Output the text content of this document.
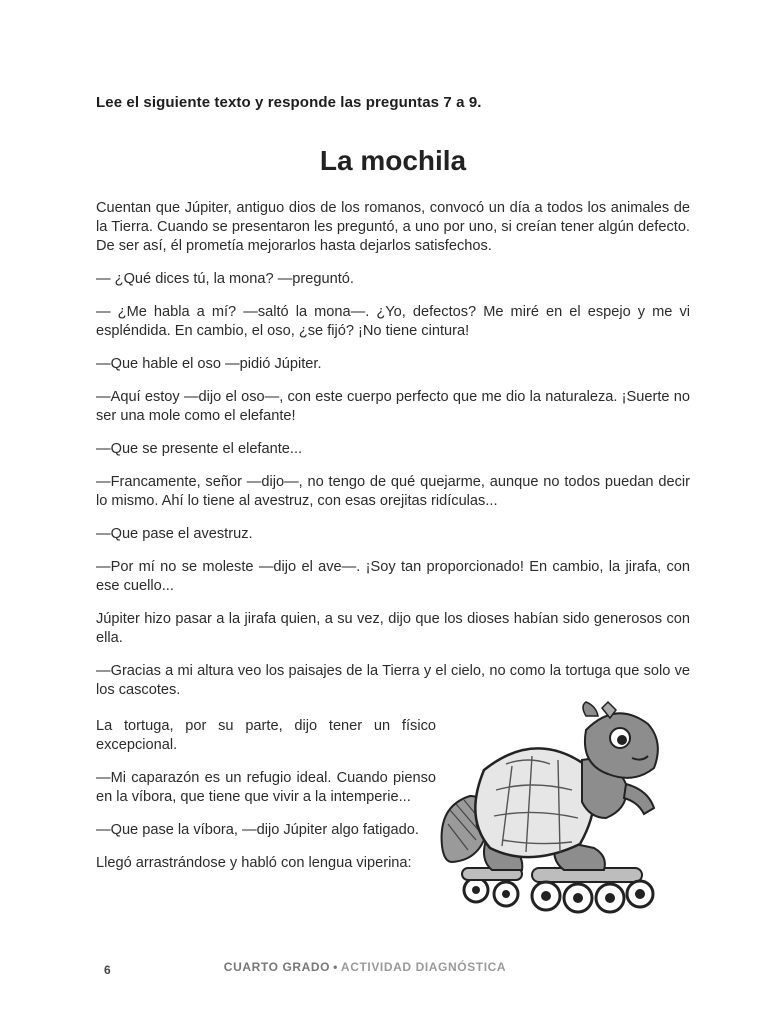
Lee el siguiente texto y responde las preguntas 7 a 9.
La mochila

Cuentan que Júpiter, antiguo dios de los romanos, convocó un día a todos los animales de la Tierra. Cuando se presentaron les preguntó, a uno por uno, si creían tener algún defecto. De ser así, él prometía mejorarlos hasta dejarlos satisfechos.

— ¿Qué dices tú, la mona? —preguntó.

— ¿Me habla a mí? —saltó la mona—. ¿Yo, defectos? Me miré en el espejo y me vi espléndida. En cambio, el oso, ¿se fijó? ¡No tiene cintura!

—Que hable el oso —pidió Júpiter.

—Aquí estoy —dijo el oso—, con este cuerpo perfecto que me dio la naturaleza. ¡Suerte no ser una mole como el elefante!

—Que se presente el elefante...

—Francamente, señor —dijo—, no tengo de qué quejarme, aunque no todos puedan decir lo mismo. Ahí lo tiene al avestruz, con esas orejitas ridículas...

—Que pase el avestruz.

—Por mí no se moleste —dijo el ave—. ¡Soy tan proporcionado! En cambio, la jirafa, con ese cuello...

Júpiter hizo pasar a la jirafa quien, a su vez, dijo que los dioses habían sido generosos con ella.

—Gracias a mi altura veo los paisajes de la Tierra y el cielo, no como la tortuga que solo ve los cascotes.

La tortuga, por su parte, dijo tener un físico excepcional.

—Mi caparazón es un refugio ideal. Cuando pienso en la víbora, que tiene que vivir a la intemperie...

—Que pase la víbora, —dijo Júpiter algo fatigado.

Llegó arrastrándose y habló con lengua viperina:

6	CUARTO GRADO • ACTIVIDAD DIAGNÓSTICA
